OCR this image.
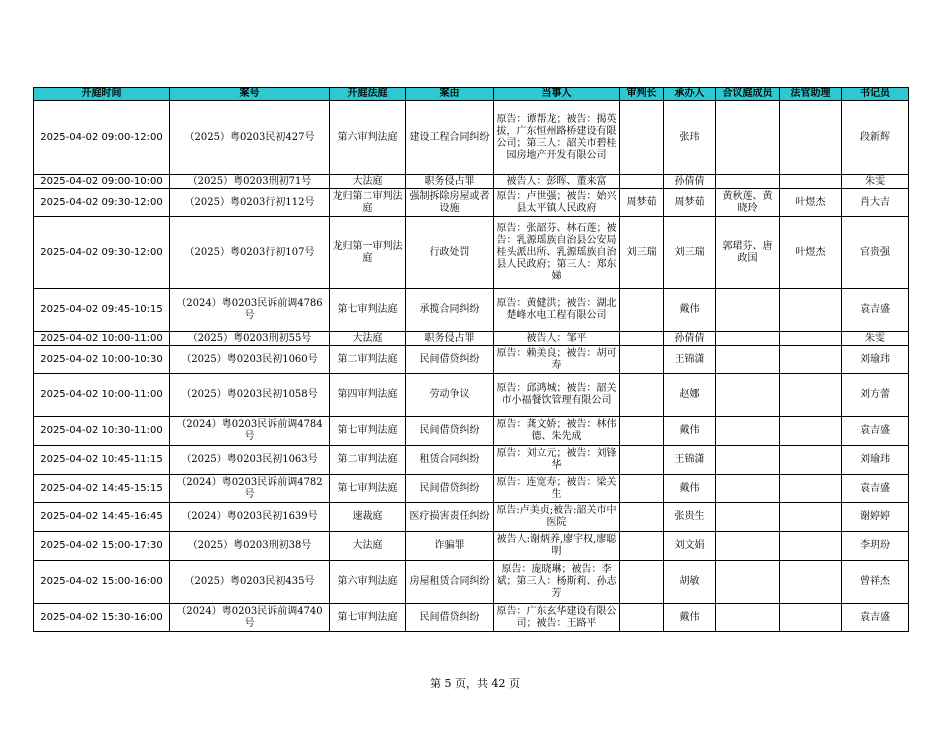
开庭时间	案号	开庭法庭	案由	当事人	审判长	承办人	合议庭成员	法官助理	书记员
2025-04-02 09:00-12:00	（2025）粤0203民初427号	第六审判法庭	建设工程合同纠纷	原告：谭帮龙；被告：揭英拔，广东恒州路桥建设有限公司；第三人：韶关市碧桂园房地产开发有限公司		张玮			段新辉
2025-04-02 09:00-10:00	（2025）粤0203刑初71号	大法庭	职务侵占罪	被告人：彭晖、董来富		孙倩倩			朱雯
2025-04-02 09:30-12:00	（2025）粤0203行初112号	龙归第二审判法庭	强制拆除房屋或者设施	原告：卢世强；被告：始兴县太平镇人民政府	周梦茹	周梦茹	黄秋莲、黄晓玲	叶煜杰	肖大吉
2025-04-02 09:30-12:00	（2025）粤0203行初107号	龙归第一审判法庭	行政处罚	原告：张韶芬、林石莲；被告：乳源瑶族自治县公安局桂头派出所、乳源瑶族自治县人民政府；第三人：郑东娣	刘三瑞	刘三瑞	郭珺芬、唐政国	叶煜杰	官贵强
2025-04-02 09:45-10:15	（2024）粤0203民诉前调4786号	第七审判法庭	承揽合同纠纷	原告：黄健洪；被告：湖北楚峰水电工程有限公司		戴伟			袁吉盛
2025-04-02 10:00-11:00	（2025）粤0203刑初55号	大法庭	职务侵占罪	被告人：邹平		孙倩倩			朱雯
2025-04-02 10:00-10:30	（2025）粤0203民初1060号	第二审判法庭	民间借贷纠纷	原告：赖美良；被告：胡可寿		王锦潇			刘瑜玮
2025-04-02 10:00-11:00	（2025）粤0203民初1058号	第四审判法庭	劳动争议	原告：邱鸿城；被告：韶关市小福餐饮管理有限公司		赵娜			刘方蕾
2025-04-02 10:30-11:00	（2024）粤0203民诉前调4784号	第七审判法庭	民间借贷纠纷	原告：龚文娇；被告：林伟德、朱先成		戴伟			袁吉盛
2025-04-02 10:45-11:15	（2025）粤0203民初1063号	第二审判法庭	租赁合同纠纷	原告：刘立元；被告：刘锋华		王锦潇			刘瑜玮
2025-04-02 14:45-15:15	（2024）粤0203民诉前调4782号	第七审判法庭	民间借贷纠纷	原告：连宽寿；被告：梁关生		戴伟			袁吉盛
2025-04-02 14:45-16:45	（2024）粤0203民初1639号	速裁庭	医疗损害责任纠纷	原告:卢美贞;被告:韶关市中医院		张贵生			谢婷婷
2025-04-02 15:00-17:30	（2025）粤0203刑初38号	大法庭	诈骗罪	被告人:谢炳养,廖宇权,廖聪明		刘文娟			李玥玢
2025-04-02 15:00-16:00	（2025）粤0203民初435号	第六审判法庭	房屋租赁合同纠纷	原告：庞晓琳；被告：李斌；第三人：杨斯莉、孙志芳		胡敏			曾祥杰
2025-04-02 15:30-16:00	（2024）粤0203民诉前调4740号	第七审判法庭	民间借贷纠纷	原告：广东玄华建设有限公司；被告：王路平		戴伟			袁吉盛
第 5 页，共 42 页
